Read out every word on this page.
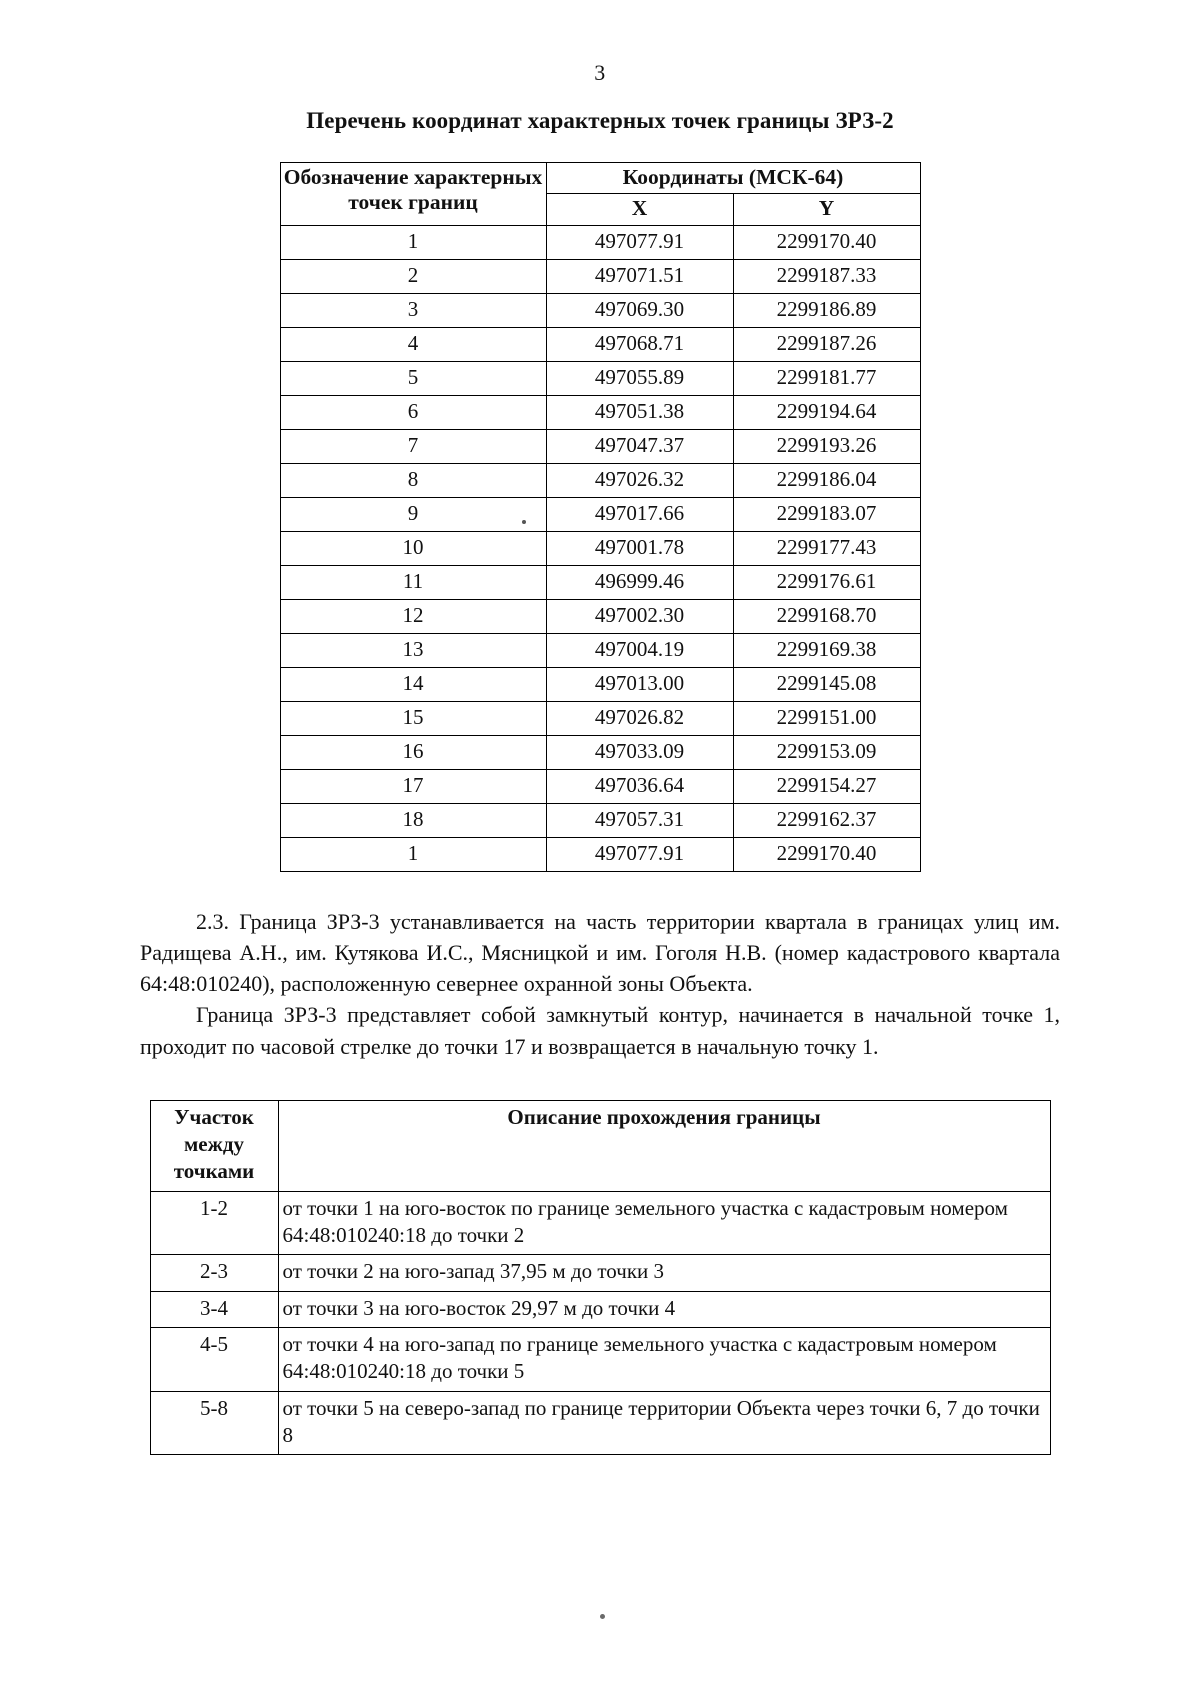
3
Перечень координат характерных точек границы ЗРЗ-2
Обозначение характерных точек границ	Координаты (МСК-64)	
	X	Y
1	497077.91	2299170.40
2	497071.51	2299187.33
3	497069.30	2299186.89
4	497068.71	2299187.26
5	497055.89	2299181.77
6	497051.38	2299194.64
7	497047.37	2299193.26
8	497026.32	2299186.04
9	497017.66	2299183.07
10	497001.78	2299177.43
11	496999.46	2299176.61
12	497002.30	2299168.70
13	497004.19	2299169.38
14	497013.00	2299145.08
15	497026.82	2299151.00
16	497033.09	2299153.09
17	497036.64	2299154.27
18	497057.31	2299162.37
1	497077.91	2299170.40

2.3. Граница ЗРЗ-3 устанавливается на часть территории квартала в границах улиц им. Радищева А.Н., им. Кутякова И.С., Мясницкой и им. Гоголя Н.В. (номер кадастрового квартала 64:48:010240), расположенную севернее охранной зоны Объекта.

Граница ЗРЗ-3 представляет собой замкнутый контур, начинается в начальной точке 1, проходит по часовой стрелке до точки 17 и возвращается в начальную точку 1.

Участок между точками	Описание прохождения границы
1-2	от точки 1 на юго-восток по границе земельного участка с кадастровым номером 64:48:010240:18 до точки 2
2-3	от точки 2 на юго-запад 37,95 м до точки 3
3-4	от точки 3 на юго-восток 29,97 м до точки 4
4-5	от точки 4 на юго-запад по границе земельного участка с кадастровым номером 64:48:010240:18 до точки 5
5-8	от точки 5 на северо-запад по границе территории Объекта через точки 6, 7 до точки 8
